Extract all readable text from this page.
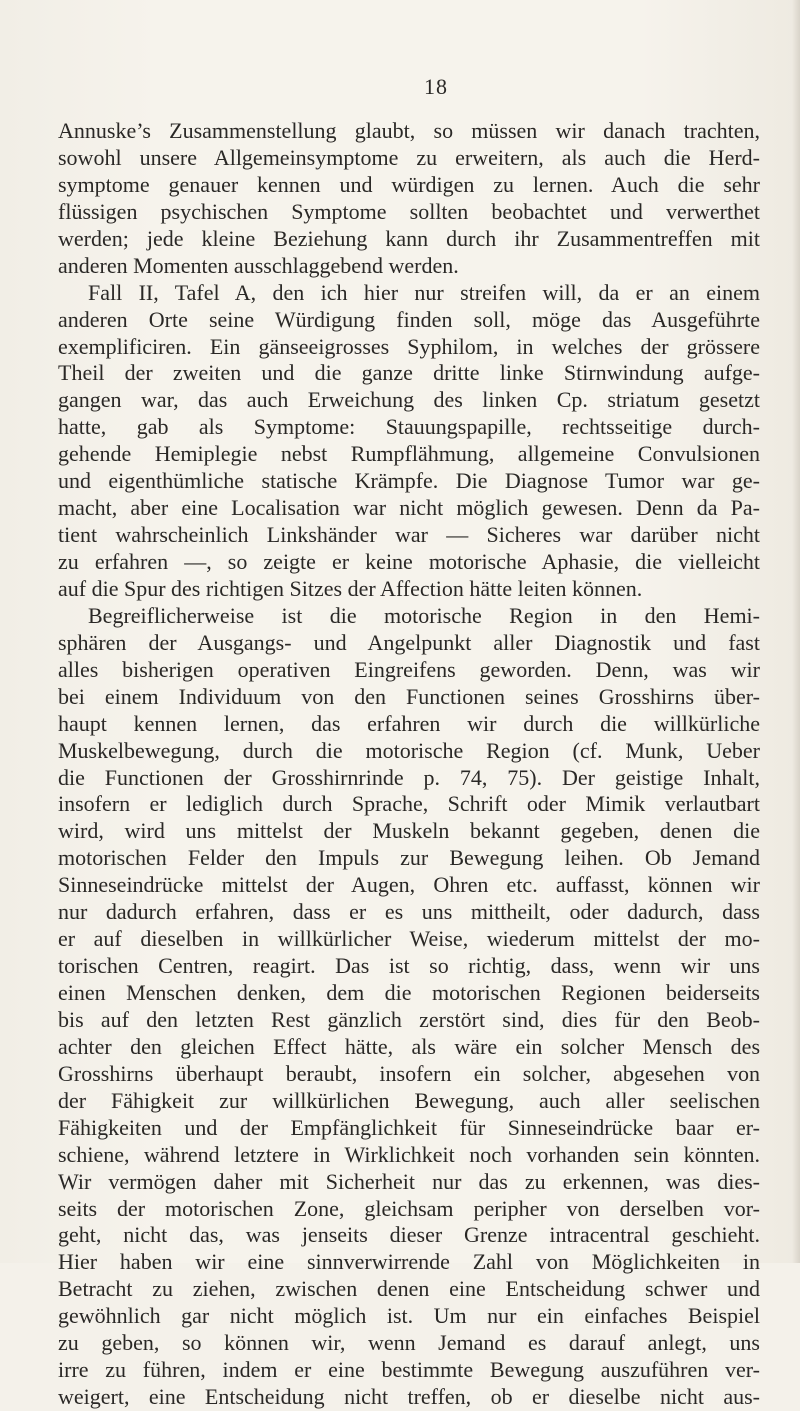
18
Annuske’s Zusammenstellung glaubt, so müssen wir danach trachten,
sowohl unsere Allgemeinsymptome zu erweitern, als auch die Herd-
symptome genauer kennen und würdigen zu lernen. Auch die sehr
flüssigen psychischen Symptome sollten beobachtet und verwerthet
werden; jede kleine Beziehung kann durch ihr Zusammentreffen mit
anderen Momenten ausschlaggebend werden.
Fall II, Tafel A, den ich hier nur streifen will, da er an einem
anderen Orte seine Würdigung finden soll, möge das Ausgeführte
exemplificiren. Ein gänseeigrosses Syphilom, in welches der grössere
Theil der zweiten und die ganze dritte linke Stirnwindung aufge-
gangen war, das auch Erweichung des linken Cp. striatum gesetzt
hatte, gab als Symptome: Stauungspapille, rechtsseitige durch-
gehende Hemiplegie nebst Rumpflähmung, allgemeine Convulsionen
und eigenthümliche statische Krämpfe. Die Diagnose Tumor war ge-
macht, aber eine Localisation war nicht möglich gewesen. Denn da Pa-
tient wahrscheinlich Linkshänder war — Sicheres war darüber nicht
zu erfahren —, so zeigte er keine motorische Aphasie, die vielleicht
auf die Spur des richtigen Sitzes der Affection hätte leiten können.
Begreiflicherweise ist die motorische Region in den Hemi-
sphären der Ausgangs- und Angelpunkt aller Diagnostik und fast
alles bisherigen operativen Eingreifens geworden. Denn, was wir
bei einem Individuum von den Functionen seines Grosshirns über-
haupt kennen lernen, das erfahren wir durch die willkürliche
Muskelbewegung, durch die motorische Region (cf. Munk, Ueber
die Functionen der Grosshirnrinde p. 74, 75). Der geistige Inhalt,
insofern er lediglich durch Sprache, Schrift oder Mimik verlautbart
wird, wird uns mittelst der Muskeln bekannt gegeben, denen die
motorischen Felder den Impuls zur Bewegung leihen. Ob Jemand
Sinneseindrücke mittelst der Augen, Ohren etc. auffasst, können wir
nur dadurch erfahren, dass er es uns mittheilt, oder dadurch, dass
er auf dieselben in willkürlicher Weise, wiederum mittelst der mo-
torischen Centren, reagirt. Das ist so richtig, dass, wenn wir uns
einen Menschen denken, dem die motorischen Regionen beiderseits
bis auf den letzten Rest gänzlich zerstört sind, dies für den Beob-
achter den gleichen Effect hätte, als wäre ein solcher Mensch des
Grosshirns überhaupt beraubt, insofern ein solcher, abgesehen von
der Fähigkeit zur willkürlichen Bewegung, auch aller seelischen
Fähigkeiten und der Empfänglichkeit für Sinneseindrücke baar er-
schiene, während letztere in Wirklichkeit noch vorhanden sein könnten.
Wir vermögen daher mit Sicherheit nur das zu erkennen, was dies-
seits der motorischen Zone, gleichsam peripher von derselben vor-
geht, nicht das, was jenseits dieser Grenze intracentral geschieht.
Hier haben wir eine sinnverwirrende Zahl von Möglichkeiten in
Betracht zu ziehen, zwischen denen eine Entscheidung schwer und
gewöhnlich gar nicht möglich ist. Um nur ein einfaches Beispiel
zu geben, so können wir, wenn Jemand es darauf anlegt, uns
irre zu führen, indem er eine bestimmte Bewegung auszuführen ver-
weigert, eine Entscheidung nicht treffen, ob er dieselbe nicht aus-
